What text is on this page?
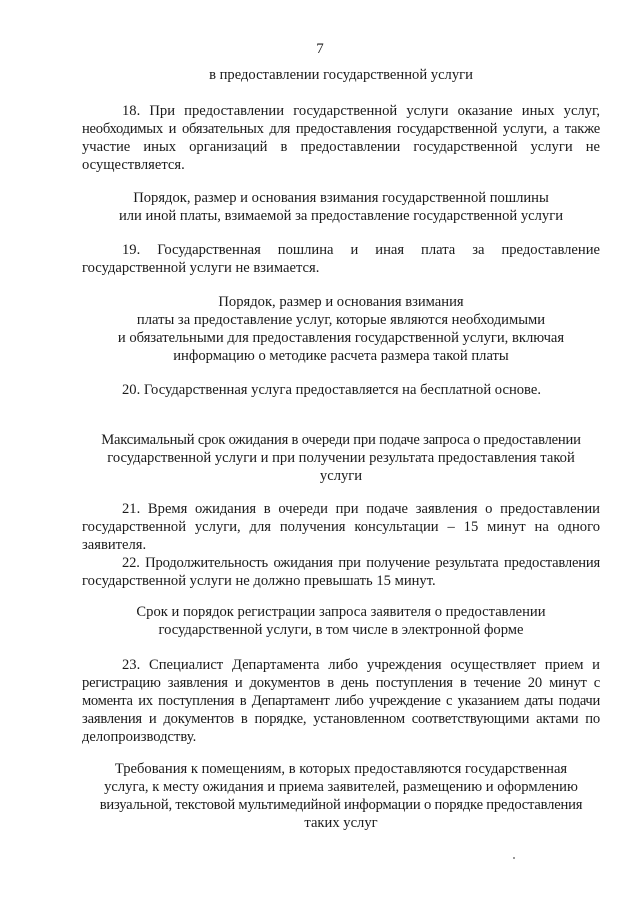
7
в предоставлении государственной услуги
18. При предоставлении государственной услуги оказание иных услуг,
необходимых и обязательных для предоставления государственной услуги, а также
участие иных организаций в предоставлении государственной услуги не
осуществляется.
Порядок, размер и основания взимания государственной пошлины
или иной платы, взимаемой за предоставление государственной услуги
19. Государственная пошлина и иная плата за предоставление
государственной услуги не взимается.
Порядок, размер и основания взимания
платы за предоставление услуг, которые являются необходимыми
и обязательными для предоставления государственной услуги, включая
информацию о методике расчета размера такой платы
20. Государственная услуга предоставляется на бесплатной основе.
Максимальный срок ожидания в очереди при подаче запроса о предоставлении
государственной услуги и при получении результата предоставления такой
услуги
21. Время ожидания в очереди при подаче заявления о предоставлении
государственной услуги, для получения консультации – 15 минут на одного
заявителя.
22. Продолжительность ожидания при получение результата предоставления
государственной услуги не должно превышать 15 минут.
Срок и порядок регистрации запроса заявителя о предоставлении
государственной услуги, в том числе в электронной форме
23. Специалист Департамента либо учреждения осуществляет прием и
регистрацию заявления и документов в день поступления в течение 20 минут с
момента их поступления в Департамент либо учреждение с указанием даты подачи
заявления и документов в порядке, установленном соответствующими актами по
делопроизводству.
Требования к помещениям, в которых предоставляются государственная
услуга, к месту ожидания и приема заявителей, размещению и оформлению
визуальной, текстовой мультимедийной информации о порядке предоставления
таких услуг
